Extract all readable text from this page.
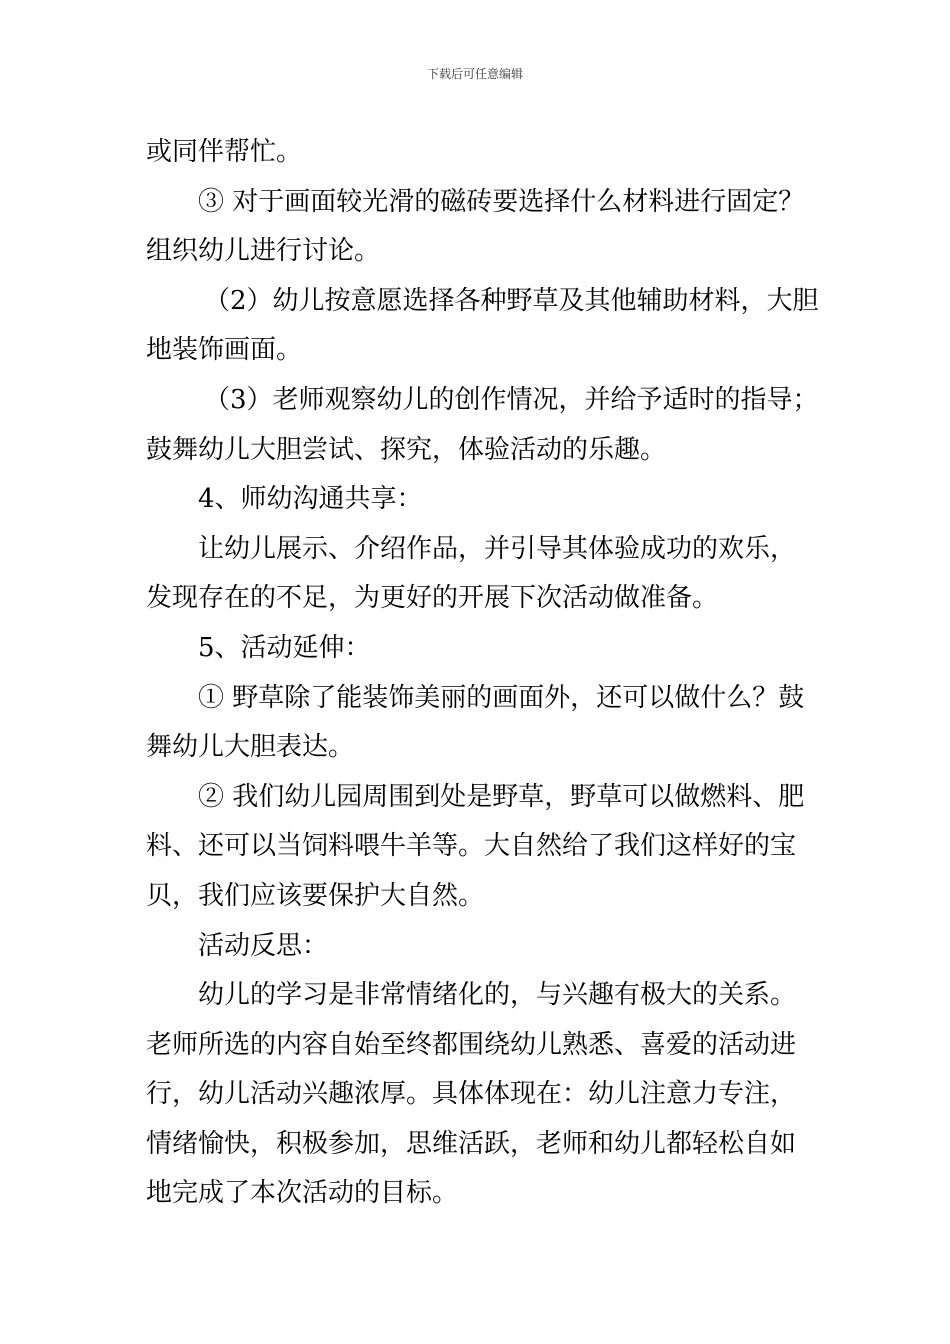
下载后可任意编辑
或同伴帮忙。
③ 对于画面较光滑的磁砖要选择什么材料进行固定？
组织幼儿进行讨论。
（2）幼儿按意愿选择各种野草及其他辅助材料，大胆
地装饰画面。
（3）老师观察幼儿的创作情况，并给予适时的指导；
鼓舞幼儿大胆尝试、探究，体验活动的乐趣。
4、师幼沟通共享：
让幼儿展示、介绍作品，并引导其体验成功的欢乐，
发现存在的不足，为更好的开展下次活动做准备。
5、活动延伸：
① 野草除了能装饰美丽的画面外，还可以做什么？鼓
舞幼儿大胆表达。
② 我们幼儿园周围到处是野草，野草可以做燃料、肥
料、还可以当饲料喂牛羊等。大自然给了我们这样好的宝
贝，我们应该要保护大自然。
活动反思：
幼儿的学习是非常情绪化的，与兴趣有极大的关系。
老师所选的内容自始至终都围绕幼儿熟悉、喜爱的活动进
行，幼儿活动兴趣浓厚。具体体现在：幼儿注意力专注，
情绪愉快，积极参加，思维活跃，老师和幼儿都轻松自如
地完成了本次活动的目标。
